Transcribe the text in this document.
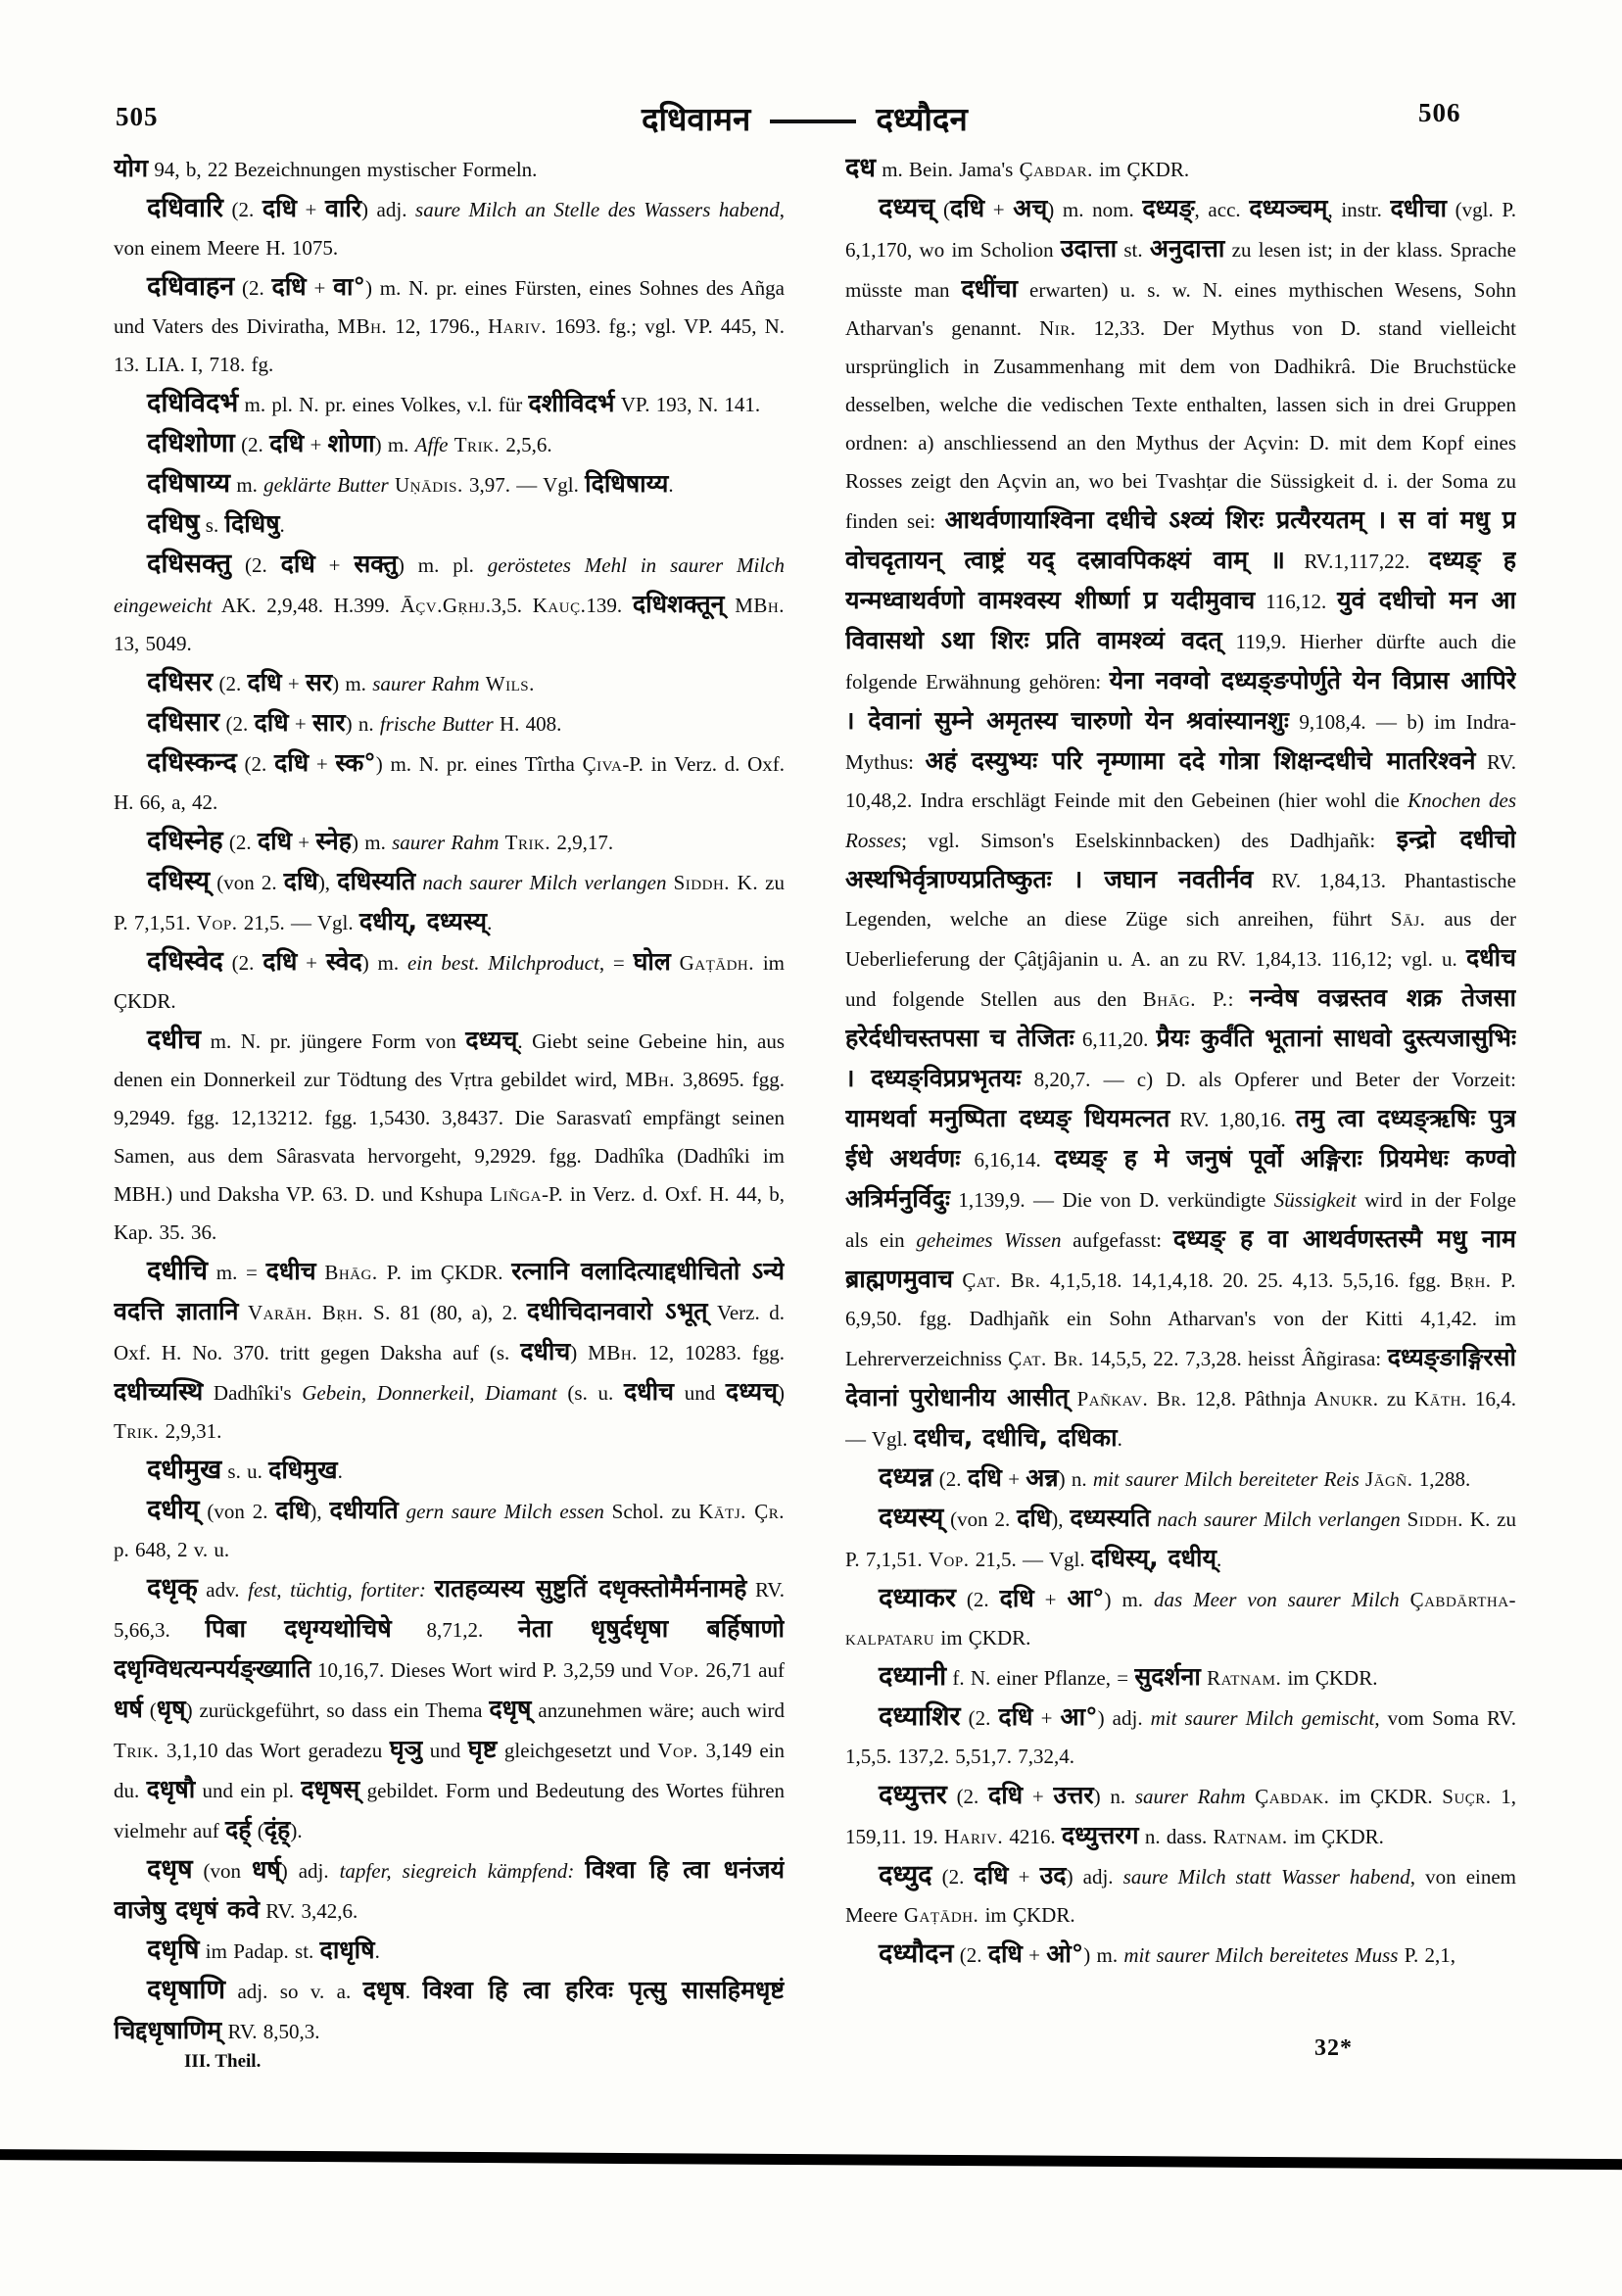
505	दधिवामन	दध्यौदन	506

योग 94, b, 22 Bezeichnungen mystischer Formeln.

दधिवारि (2. दधि + वारि) adj. saure Milch an Stelle des Wassers habend, von einem Meere H. 1075.

दधिवाहन (2. दधि + वा°) m. N. pr. eines Fürsten, eines Sohnes des Añga und Vaters des Diviratha, MBh. 12, 1796., Hariv. 1693. fg.; vgl. VP. 445, N. 13. LIA. I, 718. fg.

दधिविदर्भ m. pl. N. pr. eines Volkes, v.l. für दशीविदर्भ VP. 193, N. 141.

दधिशोणा (2. दधि + शोणा) m. Affe Trik. 2,5,6.

दधिषाय्य m. geklärte Butter Uṇādis. 3,97. — Vgl. दिधिषाय्य.

दधिषु s. दिधिषु.

दधिसक्तु (2. दधि + सक्तु) m. pl. geröstetes Mehl in saurer Milch eingeweicht AK. 2,9,48. H.399. Āçv.Gṛhj.3,5. Kauç.139. दधिशक्तून् MBh. 13, 5049.

दधिसर (2. दधि + सर) m. saurer Rahm Wils.

दधिसार (2. दधि + सार) n. frische Butter H. 408.

दधिस्कन्द (2. दधि + स्क°) m. N. pr. eines Tîrtha Çiva-P. in Verz. d. Oxf. H. 66, a, 42.

दधिस्नेह (2. दधि + स्नेह) m. saurer Rahm Trik. 2,9,17.

दधिस्य् (von 2. दधि), दधिस्यति nach saurer Milch verlangen Siddh. K. zu P. 7,1,51. Vop. 21,5. — Vgl. दधीय्, दध्यस्य्.

दधिस्वेद (2. दधि + स्वेद) m. ein best. Milchproduct, = घोल Gaṭādh. im ÇKDR.

दधीच m. N. pr. jüngere Form von दध्यच्. Giebt seine Gebeine hin, aus denen ein Donnerkeil zur Tödtung des Vṛtra gebildet wird, MBh. 3,8695. fgg. 9,2949. fgg. 12,13212. fgg. 1,5430. 3,8437. Die Sarasvatî empfängt seinen Samen, aus dem Sârasvata hervorgeht, 9,2929. fgg. Dadhîka (Dadhîki im MBH.) und Daksha VP. 63. D. und Kshupa Liñga-P. in Verz. d. Oxf. H. 44, b, Kap. 35. 36.

दधीचि m. = दधीच Bhāg. P. im ÇKDR. रत्नानि वलादित्याद्दधीचितो ऽन्ये वदत्ति ज्ञातानि Varāh. Bṛh. S. 81 (80, a), 2. दधीचिदानवारो ऽभूत् Verz. d. Oxf. H. No. 370. tritt gegen Daksha auf (s. दधीच) MBh. 12, 10283. fgg. दधीच्यस्थि Dadhîki's Gebein, Donnerkeil, Diamant (s. u. दधीच und दध्यच्) Trik. 2,9,31.

दधीमुख s. u. दधिमुख.

दधीय् (von 2. दधि), दधीयति gern saure Milch essen Schol. zu Kātj. Çr. p. 648, 2 v. u.

दधृक् adv. fest, tüchtig, fortiter: रातहव्यस्य सुष्टुतिं दधृक्स्तोमैर्मनामहे RV. 5,66,3. पिबा दधृग्यथोचिषे 8,71,2. नेता धृषुर्दधृषा बर्हिषाणो दधृग्विधत्यन्पर्यङ्ख्याति 10,16,7. Dieses Wort wird P. 3,2,59 und Vop. 26,71 auf धर्ष (धृष्) zurückgeführt, so dass ein Thema दधृष् anzunehmen wäre; auch wird Trik. 3,1,10 das Wort geradezu घृञु und घृष्ट gleichgesetzt und Vop. 3,149 ein du. दधृषौ und ein pl. दधृषस् gebildet. Form und Bedeutung des Wortes führen vielmehr auf दर्ह् (दृंह्).

दधृष (von धर्ष्) adj. tapfer, siegreich kämpfend: विश्वा हि त्वा धनंजयं वाजेषु दधृषं कवे RV. 3,42,6.

दधृषि im Padap. st. दाधृषि.

दधृषाणि adj. so v. a. दधृष. विश्वा हि त्वा हरिवः पृत्सु सासहिमधृष्टं चिद्दधृषाणिम् RV. 8,50,3.

दध m. Bein. Jama's Çabdar. im ÇKDR.

दध्यच् (दधि + अच्) m. nom. दध्यङ्, acc. दध्यञ्चम्, instr. दधीचा (vgl. P. 6,1,170, wo im Scholion उदात्ता st. अनुदात्ता zu lesen ist; in der klass. Sprache müsste man दधींचा erwarten) u. s. w. N. eines mythischen Wesens, Sohn Atharvan's genannt. Nir. 12,33. Der Mythus von D. stand vielleicht ursprünglich in Zusammenhang mit dem von Dadhikrâ. Die Bruchstücke desselben, welche die vedischen Texte enthalten, lassen sich in drei Gruppen ordnen: a) anschliessend an den Mythus der Açvin: D. mit dem Kopf eines Rosses zeigt den Açvin an, wo bei Tvashṭar die Süssigkeit d. i. der Soma zu finden sei: आथर्वणायाश्विना दधीचे ऽश्व्यं शिरः प्रत्यैरयतम् । स वां मधु प्र वोचदृतायन् त्वाष्ट्रं यद् दस्रावपिकक्ष्यं वाम् ॥ RV.1,117,22. दध्यङ् ह यन्मध्वाथर्वणो वामश्वस्य शीर्ष्णा प्र यदीमुवाच 116,12. युवं दधीचो मन आ विवासथो ऽथा शिरः प्रति वामश्व्यं वदत् 119,9. Hierher dürfte auch die folgende Erwähnung gehören: येना नवग्वो दध्यङ्ङपोर्णुते येन विप्रास आपिरे । देवानां सुम्ने अमृतस्य चारुणो येन श्रवांस्यानशुः 9,108,4. — b) im Indra-Mythus: अहं दस्युभ्यः परि नृम्णामा ददे गोत्रा शिक्षन्दधीचे मातरिश्वने RV. 10,48,2. Indra erschlägt Feinde mit den Gebeinen (hier wohl die Knochen des Rosses; vgl. Simson's Eselskinnbacken) des Dadhjañk: इन्द्रो दधीचो अस्थभिर्वृत्राण्यप्रतिष्कुतः । जघान नवतीर्नव RV. 1,84,13. Phantastische Legenden, welche an diese Züge sich anreihen, führt Sāj. aus der Ueberlieferung der Çâṭjâjanin u. A. an zu RV. 1,84,13. 116,12; vgl. u. दधीच und folgende Stellen aus den Bhāg. P.: नन्वेष वज्रस्तव शक्र तेजसा हरेर्दधीचस्तपसा च तेजितः 6,11,20. प्रैयः कुर्वंति भूतानां साधवो दुस्त्यजासुभिः । दध्यङ्विप्रप्रभृतयः 8,20,7. — c) D. als Opferer und Beter der Vorzeit: यामथर्वा मनुष्पिता दध्यङ् धियमत्नत RV. 1,80,16. तमु त्वा दध्यङ्ऋषिः पुत्र ईधे अथर्वणः 6,16,14. दध्यङ् ह मे जनुषं पूर्वो अङ्गिराः प्रियमेधः कण्वो अत्रिर्मनुर्विदुः 1,139,9. — Die von D. verkündigte Süssigkeit wird in der Folge als ein geheimes Wissen aufgefasst: दध्यङ् ह वा आथर्वणस्तस्मै मधु नाम ब्राह्मणमुवाच Çat. Br. 4,1,5,18. 14,1,4,18. 20. 25. 4,13. 5,5,16. fgg. Bṛh. P. 6,9,50. fgg. Dadhjañk ein Sohn Atharvan's von der Kitti 4,1,42. im Lehrerverzeichniss Çat. Br. 14,5,5, 22. 7,3,28. heisst Âñgirasa: दध्यङ्ङाङ्गिरसो देवानां पुरोधानीय आसीत् Pañkav. Br. 12,8. Pâthnja Anukr. zu Kāth. 16,4. — Vgl. दधीच, दधीचि, दधिका.

दध्यन्न (2. दधि + अन्न) n. mit saurer Milch bereiteter Reis Jāgñ. 1,288.

दध्यस्य् (von 2. दधि), दध्यस्यति nach saurer Milch verlangen Siddh. K. zu P. 7,1,51. Vop. 21,5. — Vgl. दधिस्य्, दधीय्.

दध्याकर (2. दधि + आ°) m. das Meer von saurer Milch Çabdārtha-kalpataru im ÇKDR.

दध्यानी f. N. einer Pflanze, = सुदर्शना Ratnam. im ÇKDR.

दध्याशिर (2. दधि + आ°) adj. mit saurer Milch gemischt, vom Soma RV. 1,5,5. 137,2. 5,51,7. 7,32,4.

दध्युत्तर (2. दधि + उत्तर) n. saurer Rahm Çabdak. im ÇKDR. Suçr. 1, 159,11. 19. Hariv. 4216. दध्युत्तरग n. dass. Ratnam. im ÇKDR.

दध्युद (2. दधि + उद) adj. saure Milch statt Wasser habend, von einem Meere Gaṭādh. im ÇKDR.

दध्यौदन (2. दधि + ओ°) m. mit saurer Milch bereitetes Muss P. 2,1,

III. Theil.
32*
